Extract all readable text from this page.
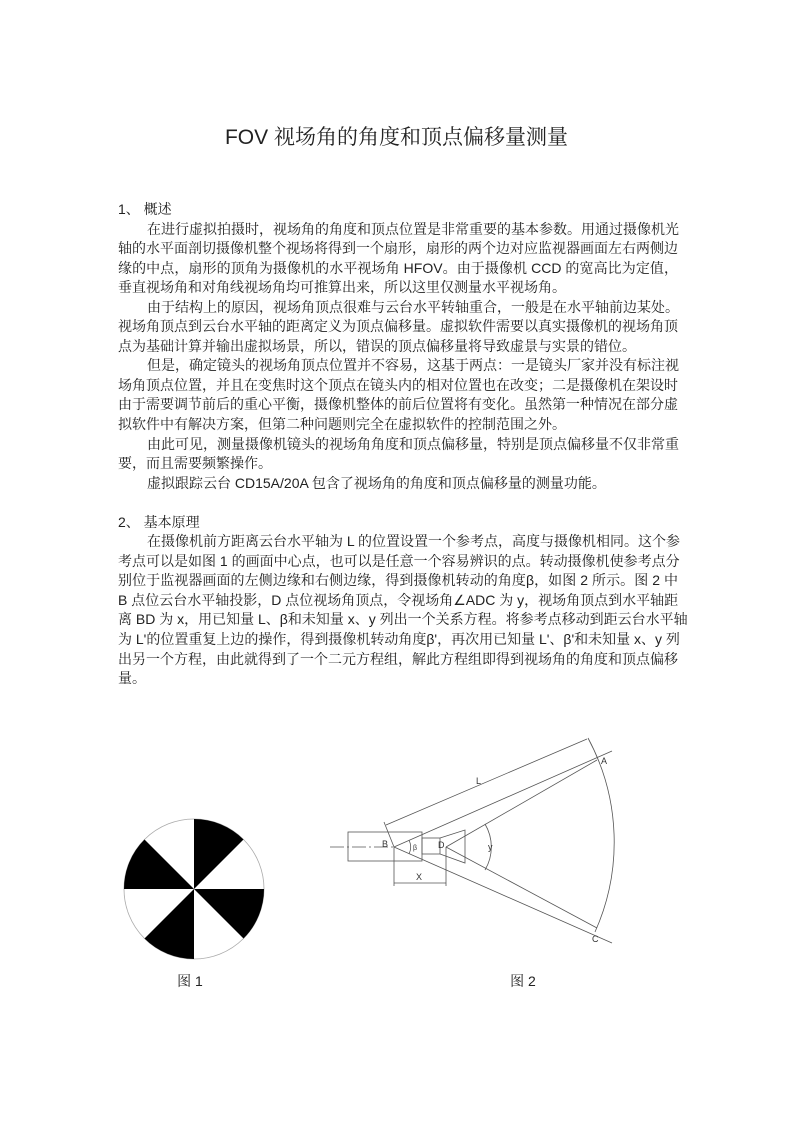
FOV 视场角的角度和顶点偏移量测量
1、 概述
在进行虚拟拍摄时，视场角的角度和顶点位置是非常重要的基本参数。用通过摄像机光
轴的水平面剖切摄像机整个视场将得到一个扇形，扇形的两个边对应监视器画面左右两侧边
缘的中点，扇形的顶角为摄像机的水平视场角 HFOV。由于摄像机 CCD 的宽高比为定值，
垂直视场角和对角线视场角均可推算出来，所以这里仅测量水平视场角。
由于结构上的原因，视场角顶点很难与云台水平转轴重合，一般是在水平轴前边某处。
视场角顶点到云台水平轴的距离定义为顶点偏移量。虚拟软件需要以真实摄像机的视场角顶
点为基础计算并输出虚拟场景，所以，错误的顶点偏移量将导致虚景与实景的错位。
但是，确定镜头的视场角顶点位置并不容易，这基于两点：一是镜头厂家并没有标注视
场角顶点位置，并且在变焦时这个顶点在镜头内的相对位置也在改变；二是摄像机在架设时
由于需要调节前后的重心平衡，摄像机整体的前后位置将有变化。虽然第一种情况在部分虚
拟软件中有解决方案，但第二种问题则完全在虚拟软件的控制范围之外。
由此可见，测量摄像机镜头的视场角角度和顶点偏移量，特别是顶点偏移量不仅非常重
要，而且需要频繁操作。
虚拟跟踪云台 CD15A/20A 包含了视场角的角度和顶点偏移量的测量功能。
2、 基本原理
在摄像机前方距离云台水平轴为 L 的位置设置一个参考点，高度与摄像机相同。这个参
考点可以是如图 1 的画面中心点，也可以是任意一个容易辨识的点。转动摄像机使参考点分
别位于监视器画面的左侧边缘和右侧边缘，得到摄像机转动的角度β，如图 2 所示。图 2 中
B 点位云台水平轴投影，D 点位视场角顶点，令视场角∠ADC 为 y，视场角顶点到水平轴距
离 BD 为 x，用已知量 L、β和未知量 x、y 列出一个关系方程。将参考点移动到距云台水平轴
为 L'的位置重复上边的操作，得到摄像机转动角度β'，再次用已知量 L'、β'和未知量 x、y 列
出另一个方程，由此就得到了一个二元方程组，解此方程组即得到视场角的角度和顶点偏移
量。
图 1
A
B
C
D
L
X
y
β
图 2
